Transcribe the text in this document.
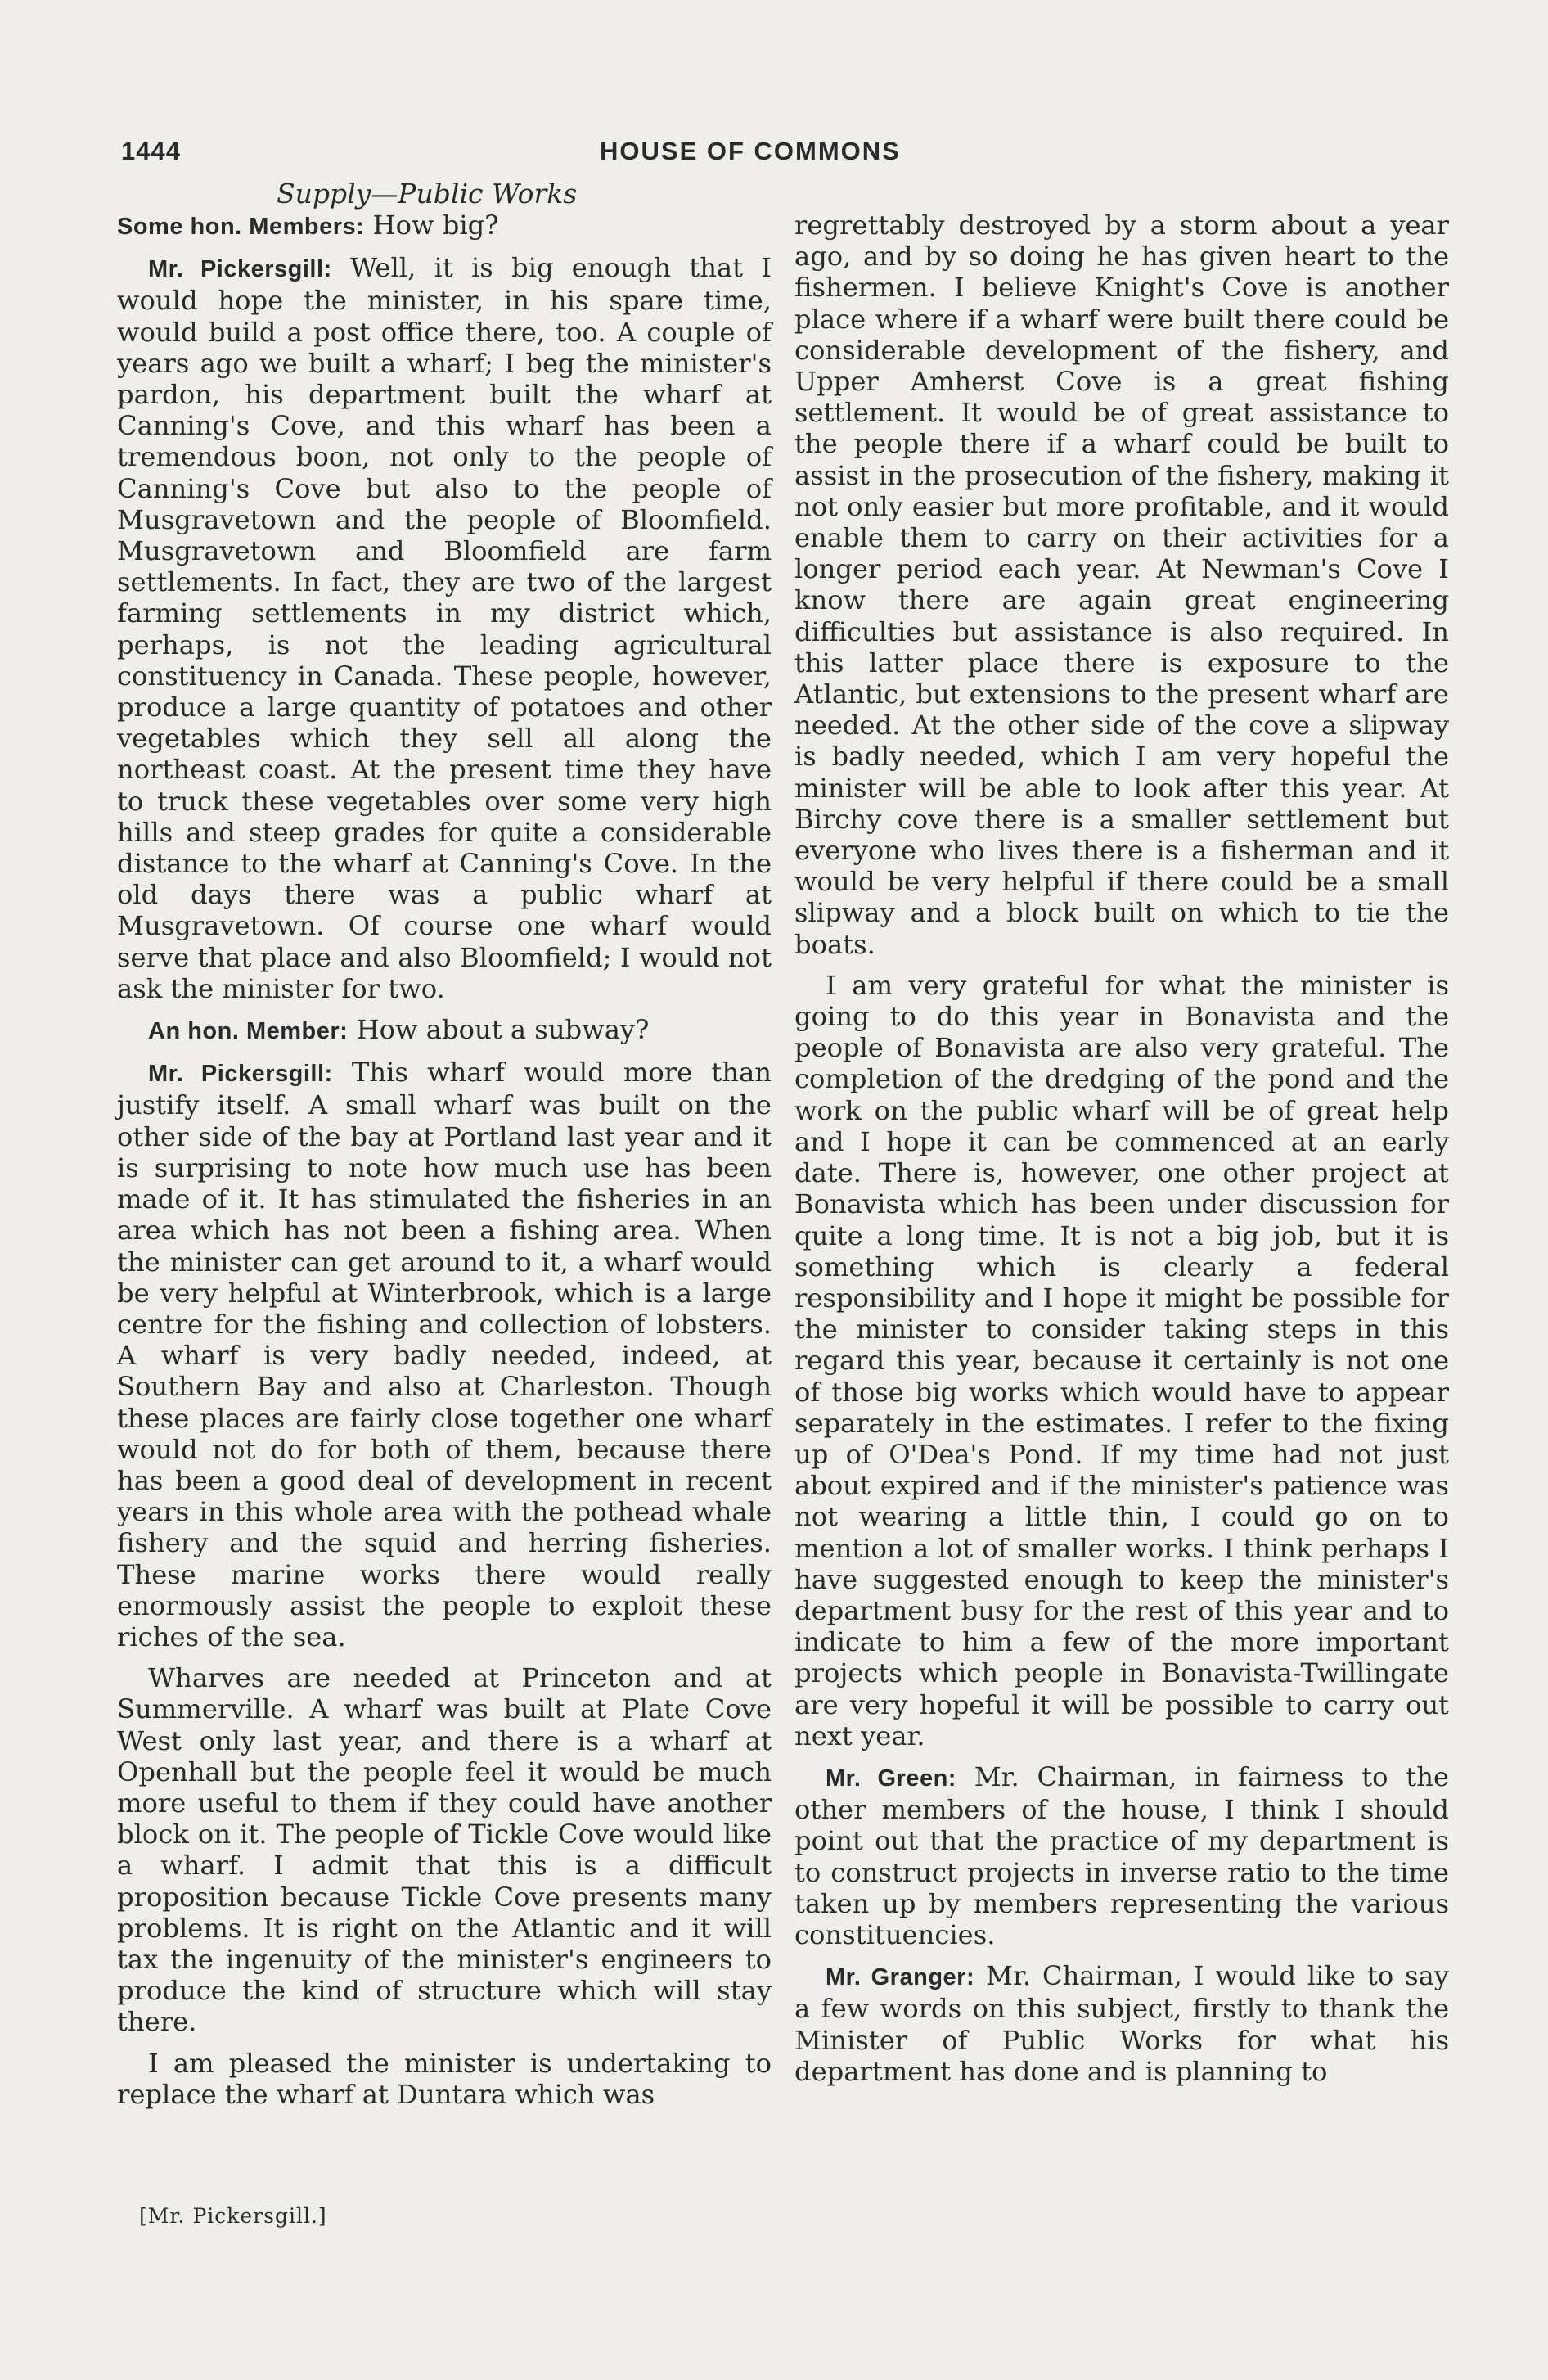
1444	HOUSE OF COMMONS
Supply—Public Works

Some hon. Members: How big?

Mr. Pickersgill: Well, it is big enough that I would hope the minister, in his spare time, would build a post office there, too. A couple of years ago we built a wharf; I beg the minister's pardon, his department built the wharf at Canning's Cove, and this wharf has been a tremendous boon, not only to the people of Canning's Cove but also to the people of Musgravetown and the people of Bloomfield. Musgravetown and Bloomfield are farm settlements. In fact, they are two of the largest farming settlements in my district which, perhaps, is not the leading agricultural constituency in Canada. These people, however, produce a large quantity of potatoes and other vegetables which they sell all along the northeast coast. At the present time they have to truck these vegetables over some very high hills and steep grades for quite a considerable distance to the wharf at Canning's Cove. In the old days there was a public wharf at Musgravetown. Of course one wharf would serve that place and also Bloomfield; I would not ask the minister for two.

An hon. Member: How about a subway?

Mr. Pickersgill: This wharf would more than justify itself. A small wharf was built on the other side of the bay at Portland last year and it is surprising to note how much use has been made of it. It has stimulated the fisheries in an area which has not been a fishing area. When the minister can get around to it, a wharf would be very helpful at Winterbrook, which is a large centre for the fishing and collection of lobsters. A wharf is very badly needed, indeed, at Southern Bay and also at Charleston. Though these places are fairly close together one wharf would not do for both of them, because there has been a good deal of development in recent years in this whole area with the pothead whale fishery and the squid and herring fisheries. These marine works there would really enormously assist the people to exploit these riches of the sea.

Wharves are needed at Princeton and at Summerville. A wharf was built at Plate Cove West only last year, and there is a wharf at Openhall but the people feel it would be much more useful to them if they could have another block on it. The people of Tickle Cove would like a wharf. I admit that this is a difficult proposition because Tickle Cove presents many problems. It is right on the Atlantic and it will tax the ingenuity of the minister's engineers to produce the kind of structure which will stay there.

I am pleased the minister is undertaking to replace the wharf at Duntara which was

regrettably destroyed by a storm about a year ago, and by so doing he has given heart to the fishermen. I believe Knight's Cove is another place where if a wharf were built there could be considerable development of the fishery, and Upper Amherst Cove is a great fishing settlement. It would be of great assistance to the people there if a wharf could be built to assist in the prosecution of the fishery, making it not only easier but more profitable, and it would enable them to carry on their activities for a longer period each year. At Newman's Cove I know there are again great engineering difficulties but assistance is also required. In this latter place there is exposure to the Atlantic, but extensions to the present wharf are needed. At the other side of the cove a slipway is badly needed, which I am very hopeful the minister will be able to look after this year. At Birchy cove there is a smaller settlement but everyone who lives there is a fisherman and it would be very helpful if there could be a small slipway and a block built on which to tie the boats.

I am very grateful for what the minister is going to do this year in Bonavista and the people of Bonavista are also very grateful. The completion of the dredging of the pond and the work on the public wharf will be of great help and I hope it can be commenced at an early date. There is, however, one other project at Bonavista which has been under discussion for quite a long time. It is not a big job, but it is something which is clearly a federal responsibility and I hope it might be possible for the minister to consider taking steps in this regard this year, because it certainly is not one of those big works which would have to appear separately in the estimates. I refer to the fixing up of O'Dea's Pond. If my time had not just about expired and if the minister's patience was not wearing a little thin, I could go on to mention a lot of smaller works. I think perhaps I have suggested enough to keep the minister's department busy for the rest of this year and to indicate to him a few of the more important projects which people in Bonavista-Twillingate are very hopeful it will be possible to carry out next year.

Mr. Green: Mr. Chairman, in fairness to the other members of the house, I think I should point out that the practice of my department is to construct projects in inverse ratio to the time taken up by members representing the various constituencies.

Mr. Granger: Mr. Chairman, I would like to say a few words on this subject, firstly to thank the Minister of Public Works for what his department has done and is planning to

[Mr. Pickersgill.]
